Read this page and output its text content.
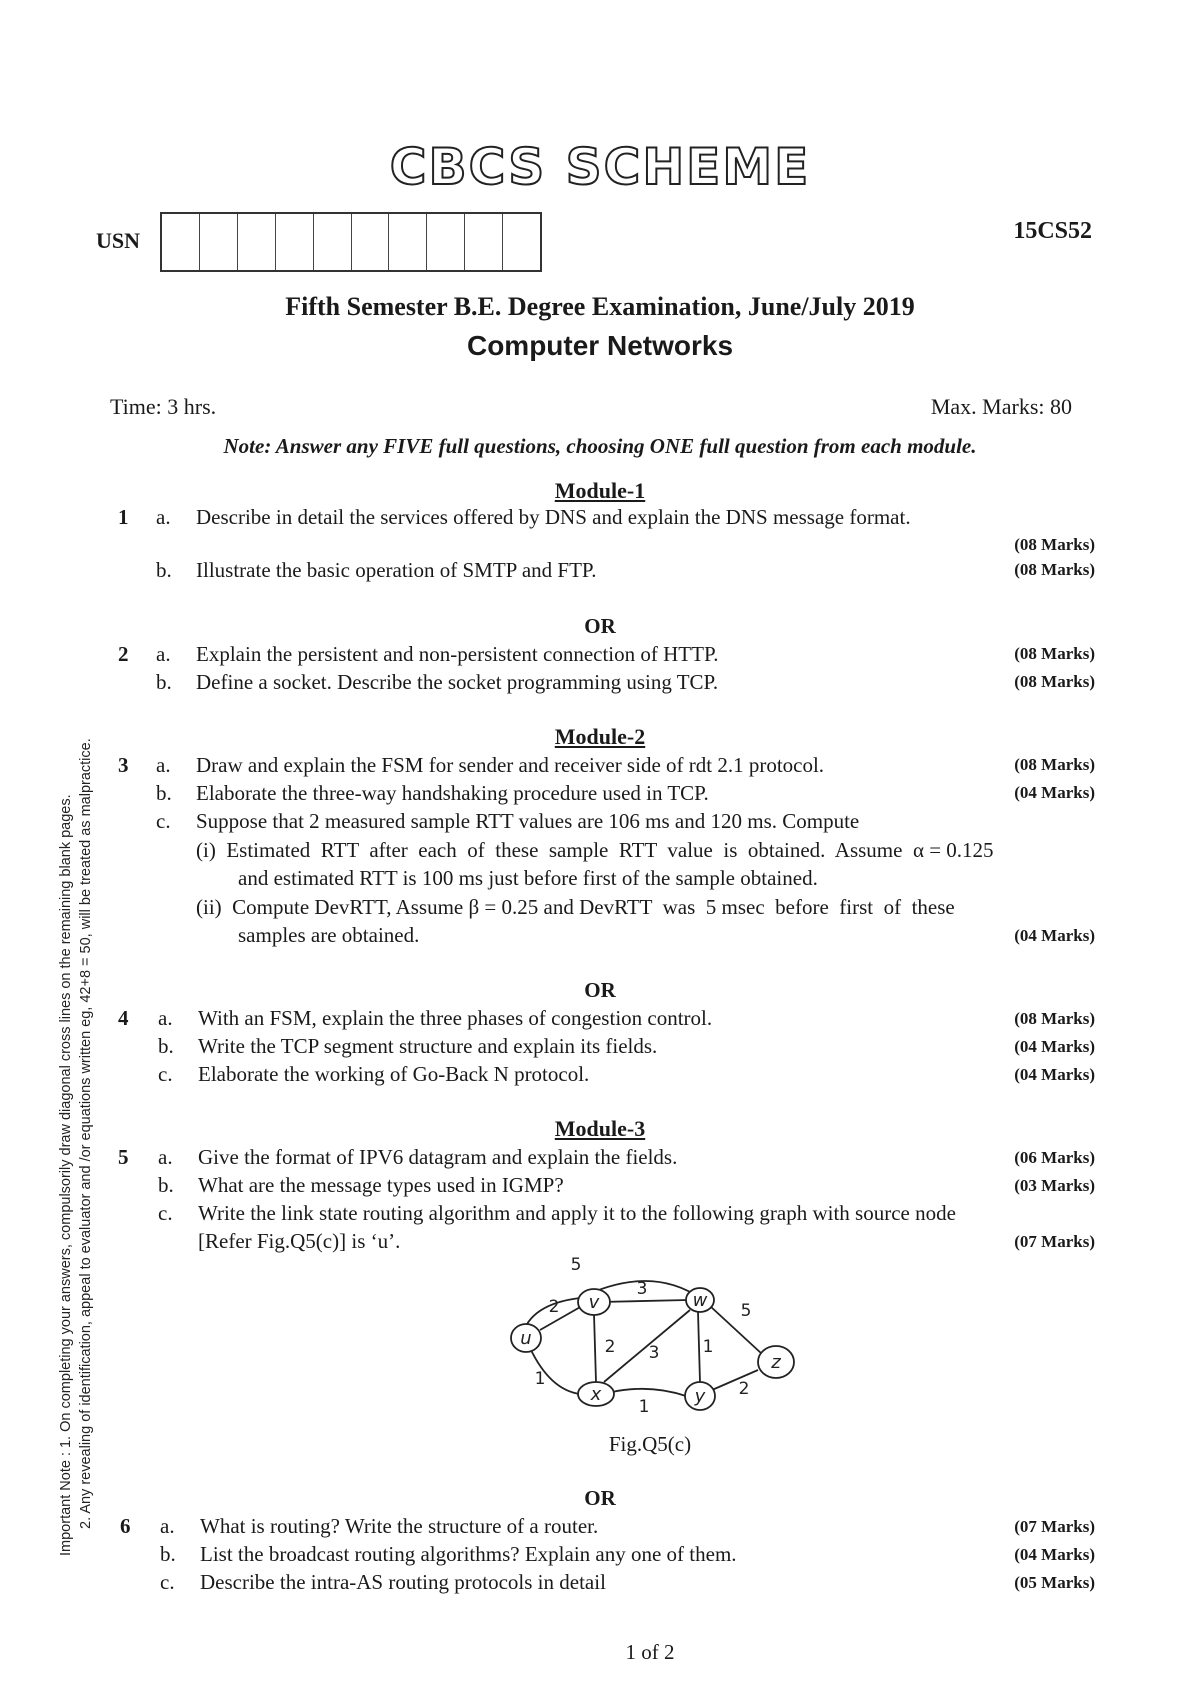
CBCS SCHEME
USN	15CS52
Fifth Semester B.E. Degree Examination, June/July 2019
Computer Networks
Time: 3 hrs.	Max. Marks: 80
Note: Answer any FIVE full questions, choosing ONE full question from each module.
Important Note : 1. On completing your answers, compulsorily draw diagonal cross lines on the remaining blank pages. 2. Any revealing of identification, appeal to evaluator and /or equations written eg, 42+8 = 50, will be treated as malpractice.
Module-1
1 a. Describe in detail the services offered by DNS and explain the DNS message format.
(08 Marks)
b. Illustrate the basic operation of SMTP and FTP.	(08 Marks)
OR
2 a. Explain the persistent and non-persistent connection of HTTP.	(08 Marks)
b. Define a socket. Describe the socket programming using TCP.	(08 Marks)
Module-2
3 a. Draw and explain the FSM for sender and receiver side of rdt 2.1 protocol.	(08 Marks)
b. Elaborate the three-way handshaking procedure used in TCP.	(04 Marks)
c. Suppose that 2 measured sample RTT values are 106 ms and 120 ms. Compute
(i)  Estimated  RTT  after  each  of  these  sample  RTT  value  is  obtained.  Assume  α = 0.125
and estimated RTT is 100 ms just before first of the sample obtained.
(ii)  Compute DevRTT, Assume β = 0.25 and DevRTT  was  5 msec  before  first  of  these
samples are obtained.	(04 Marks)
OR
4 a. With an FSM, explain the three phases of congestion control.	(08 Marks)
b. Write the TCP segment structure and explain its fields.	(04 Marks)
c. Elaborate the working of Go-Back N protocol.	(04 Marks)
Module-3
5 a. Give the format of IPV6 datagram and explain the fields.	(06 Marks)
b. What are the message types used in IGMP?	(03 Marks)
c. Write the link state routing algorithm and apply it to the following graph with source node
[Refer Fig.Q5(c)] is ‘u’.	(07 Marks)
u
v	w
x	y
z
2
5
3
2 3	1
5
1
1
2
Fig.Q5(c)
OR
6 a. What is routing? Write the structure of a router.	(07 Marks)
b. List the broadcast routing algorithms? Explain any one of them.	(04 Marks)
c. Describe the intra-AS routing protocols in detail	(05 Marks)
1 of 2
